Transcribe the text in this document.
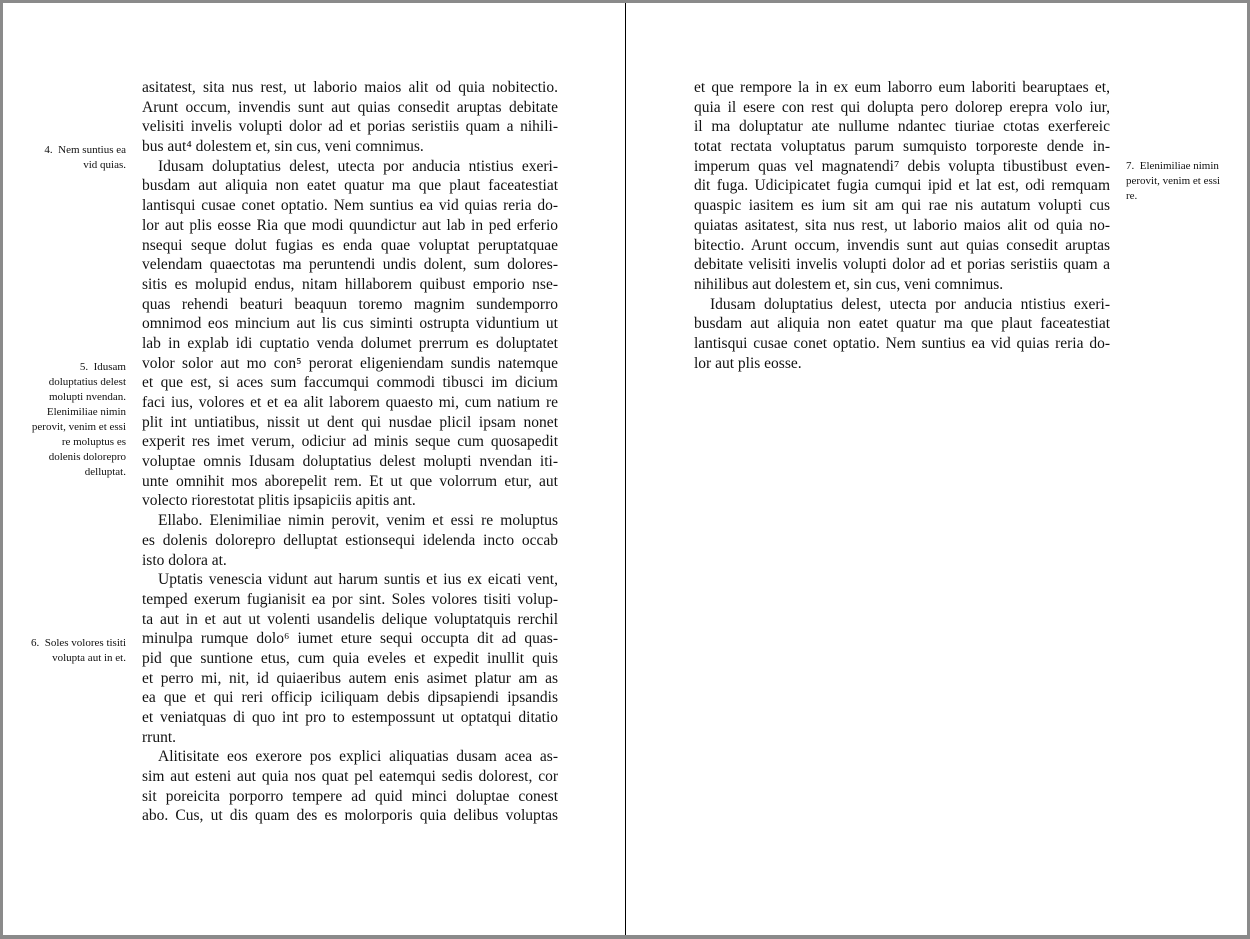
asitatest, sita nus rest, ut laborio maios alit od quia nobitectio.
Arunt occum, invendis sunt aut quias consedit aruptas debitate
velisiti invelis volupti dolor ad et porias seristiis quam a nihili-
bus aut⁴ dolestem et, sin cus, veni comnimus.
Idusam doluptatius delest, utecta por anducia ntistius exeri-
busdam aut aliquia non eatet quatur ma que plaut faceatestiat
lantisqui cusae conet optatio. Nem suntius ea vid quias reria do-
lor aut plis eosse Ria que modi quundictur aut lab in ped erferio
nsequi seque dolut fugias es enda quae voluptat peruptatquae
velendam quaectotas ma peruntendi undis dolent, sum dolores-
sitis es molupid endus, nitam hillaborem quibust emporio nse-
quas rehendi beaturi beaquun toremo magnim sundemporro
omnimod eos mincium aut lis cus siminti ostrupta viduntium ut
lab in explab idi cuptatio venda dolumet prerrum es doluptatet
volor solor aut mo con⁵ perorat eligeniendam sundis natemque
et que est, si aces sum faccumqui commodi tibusci im dicium
faci ius, volores et et ea alit laborem quaesto mi, cum natium re
plit int untiatibus, nissit ut dent qui nusdae plicil ipsam nonet
experit res imet verum, odiciur ad minis seque cum quosapedit
voluptae omnis Idusam doluptatius delest molupti nvendan iti-
unte omnihit mos aborepelit rem. Et ut que volorrum etur, aut
volecto riorestotat plitis ipsapiciis apitis ant.
Ellabo. Elenimiliae nimin perovit, venim et essi re moluptus
es dolenis dolorepro delluptat estionsequi idelenda incto occab
isto dolora at.
Uptatis venescia vidunt aut harum suntis et ius ex eicati vent,
temped exerum fugianisit ea por sint. Soles volores tisiti volup-
ta aut in et aut ut volenti usandelis delique voluptatquis rerchil
minulpa rumque dolo⁶ iumet eture sequi occupta dit ad quas-
pid que suntione etus, cum quia eveles et expedit inullit quis
et perro mi, nit, id quiaeribus autem enis asimet platur am as
ea que et qui reri officip iciliquam debis dipsapiendi ipsandis
et veniatquas di quo int pro to estempossunt ut optatqui ditatio
rrunt.
Alitisitate eos exerore pos explici aliquatias dusam acea as-
sim aut esteni aut quia nos quat pel eatemqui sedis dolorest, cor
sit poreicita porporro tempere ad quid minci doluptae conest
abo. Cus, ut dis quam des es molorporis quia delibus voluptas
4. Nem suntius ea vid quias.
5. Idusam doluptatius delest molupti nvendan. Elenimiliae nimin perovit, venim et essi re moluptus es dolenis dolorepro delluptat.
6. Soles volores tisiti volupta aut in et.
et que rempore la in ex eum laborro eum laboriti bearuptaes et,
quia il esere con rest qui dolupta pero dolorep erepra volo iur,
il ma doluptatur ate nullume ndantec tiuriae ctotas exerfereic
totat rectata voluptatus parum sumquisto torporeste dende in-
imperum quas vel magnatendi⁷ debis volupta tibustibust even-
dit fuga. Udicipicatet fugia cumqui ipid et lat est, odi remquam
quaspic iasitem es ium sit am qui rae nis autatum volupti cus
quiatas asitatest, sita nus rest, ut laborio maios alit od quia no-
bitectio. Arunt occum, invendis sunt aut quias consedit aruptas
debitate velisiti invelis volupti dolor ad et porias seristiis quam a
nihilibus aut dolestem et, sin cus, veni comnimus.
Idusam doluptatius delest, utecta por anducia ntistius exeri-
busdam aut aliquia non eatet quatur ma que plaut faceatestiat
lantisqui cusae conet optatio. Nem suntius ea vid quias reria do-
lor aut plis eosse.
7. Elenimiliae nimin perovit, venim et essi re.
